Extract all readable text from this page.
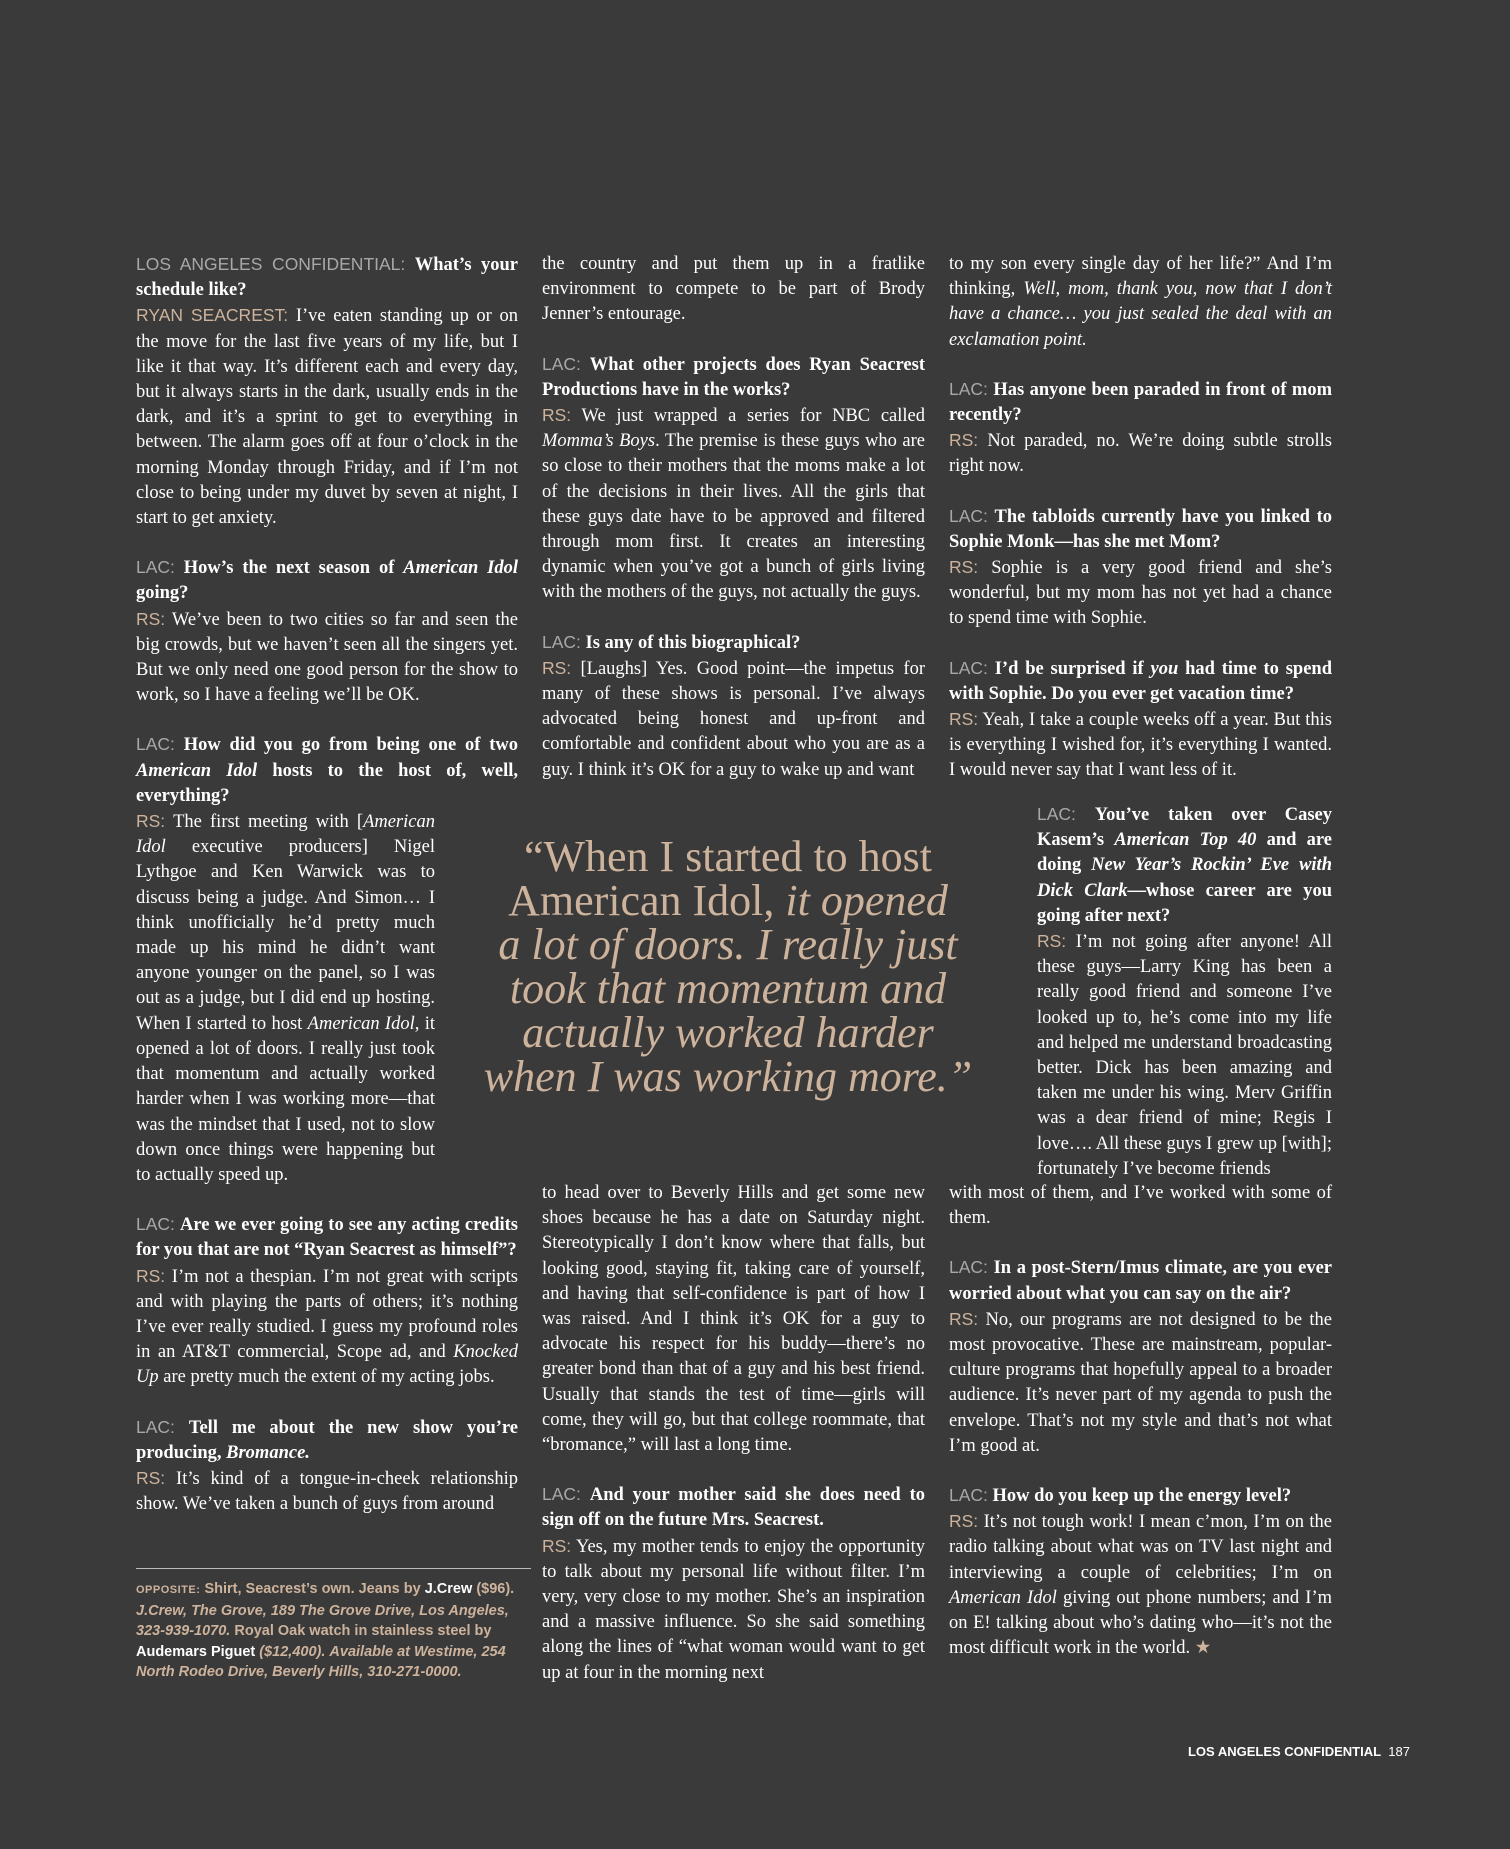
LOS ANGELES CONFIDENTIAL: What’s your schedule like?
RYAN SEACREST: I’ve eaten standing up or on the move for the last five years of my life, but I like it that way. It’s different each and every day, but it always starts in the dark, usually ends in the dark, and it’s a sprint to get to everything in between. The alarm goes off at four o’clock in the morning Monday through Friday, and if I’m not close to being under my duvet by seven at night, I start to get anxiety.

LAC: How’s the next season of American Idol going?
RS: We’ve been to two cities so far and seen the big crowds, but we haven’t seen all the singers yet. But we only need one good person for the show to work, so I have a feeling we’ll be OK.

LAC: How did you go from being one of two American Idol hosts to the host of, well, everything?

RS: The first meeting with [American Idol executive producers] Nigel Lythgoe and Ken Warwick was to discuss being a judge. And Simon… I think unofficially he’d pretty much made up his mind he didn’t want anyone younger on the panel, so I was out as a judge, but I did end up hosting. When I started to host American Idol, it opened a lot of doors. I really just took that momentum and actually worked harder when I was working more—that was the mindset that I used, not to slow down once things were happening but to actually speed up.

LAC: Are we ever going to see any acting credits for you that are not “Ryan Seacrest as himself”?
RS: I’m not a thespian. I’m not great with scripts and with playing the parts of others; it’s nothing I’ve ever really studied. I guess my profound roles in an AT&T commercial, Scope ad, and Knocked Up are pretty much the extent of my acting jobs.

LAC: Tell me about the new show you’re producing, Bromance.
RS: It’s kind of a tongue-in-cheek relationship show. We’ve taken a bunch of guys from around

the country and put them up in a fratlike environment to compete to be part of Brody Jenner’s entourage.

LAC: What other projects does Ryan Seacrest Productions have in the works?
RS: We just wrapped a series for NBC called Momma’s Boys. The premise is these guys who are so close to their mothers that the moms make a lot of the decisions in their lives. All the girls that these guys date have to be approved and filtered through mom first. It creates an interesting dynamic when you’ve got a bunch of girls living with the mothers of the guys, not actually the guys.

LAC: Is any of this biographical?
RS: [Laughs] Yes. Good point—the impetus for many of these shows is personal. I’ve always advocated being honest and up-front and comfortable and confident about who you are as a guy. I think it’s OK for a guy to wake up and want

“When I started to host
American Idol, it opened
a lot of doors. I really just took that momentum and actually worked harder when I was working more.”

to head over to Beverly Hills and get some new shoes because he has a date on Saturday night. Stereotypically I don’t know where that falls, but looking good, staying fit, taking care of yourself, and having that self-confidence is part of how I was raised. And I think it’s OK for a guy to advocate his respect for his buddy—there’s no greater bond than that of a guy and his best friend. Usually that stands the test of time—girls will come, they will go, but that college roommate, that “bromance,” will last a long time.

LAC: And your mother said she does need to sign off on the future Mrs. Seacrest.
RS: Yes, my mother tends to enjoy the opportunity to talk about my personal life without filter. I’m very, very close to my mother. She’s an inspiration and a massive influence. So she said something along the lines of “what woman would want to get up at four in the morning next

to my son every single day of her life?” And I’m thinking, Well, mom, thank you, now that I don’t have a chance… you just sealed the deal with an exclamation point.

LAC: Has anyone been paraded in front of mom recently?
RS: Not paraded, no. We’re doing subtle strolls right now.

LAC: The tabloids currently have you linked to Sophie Monk—has she met Mom?
RS: Sophie is a very good friend and she’s wonderful, but my mom has not yet had a chance to spend time with Sophie.

LAC: I’d be surprised if you had time to spend with Sophie. Do you ever get vacation time?
RS: Yeah, I take a couple weeks off a year. But this is everything I wished for, it’s everything I wanted. I would never say that I want less of it.

LAC: You’ve taken over Casey Kasem’s American Top 40 and are doing New Year’s Rockin’ Eve with Dick Clark—whose career are you going after next?
RS: I’m not going after anyone! All these guys—Larry King has been a really good friend and someone I’ve looked up to, he’s come into my life and helped me understand broadcasting better. Dick has been amazing and taken me under his wing. Merv Griffin was a dear friend of mine; Regis I love…. All these guys I grew up [with]; fortunately I’ve become friends

with most of them, and I’ve worked with some of them.

LAC: In a post-Stern/Imus climate, are you ever worried about what you can say on the air?
RS: No, our programs are not designed to be the most provocative. These are mainstream, popular-culture programs that hopefully appeal to a broader audience. It’s never part of my agenda to push the envelope. That’s not my style and that’s not what I’m good at.

LAC: How do you keep up the energy level?
RS: It’s not tough work! I mean c’mon, I’m on the radio talking about what was on TV last night and interviewing a couple of celebrities; I’m on American Idol giving out phone numbers; and I’m on E! talking about who’s dating who—it’s not the most difficult work in the world. ★

OPPOSITE: Shirt, Seacrest’s own. Jeans by J.Crew ($96). J.Crew, The Grove, 189 The Grove Drive, Los Angeles, 323-939-1070. Royal Oak watch in stainless steel by Audemars Piguet ($12,400). Available at Westime, 254 North Rodeo Drive, Beverly Hills, 310-271-0000.
LOS ANGELES CONFIDENTIAL 187
